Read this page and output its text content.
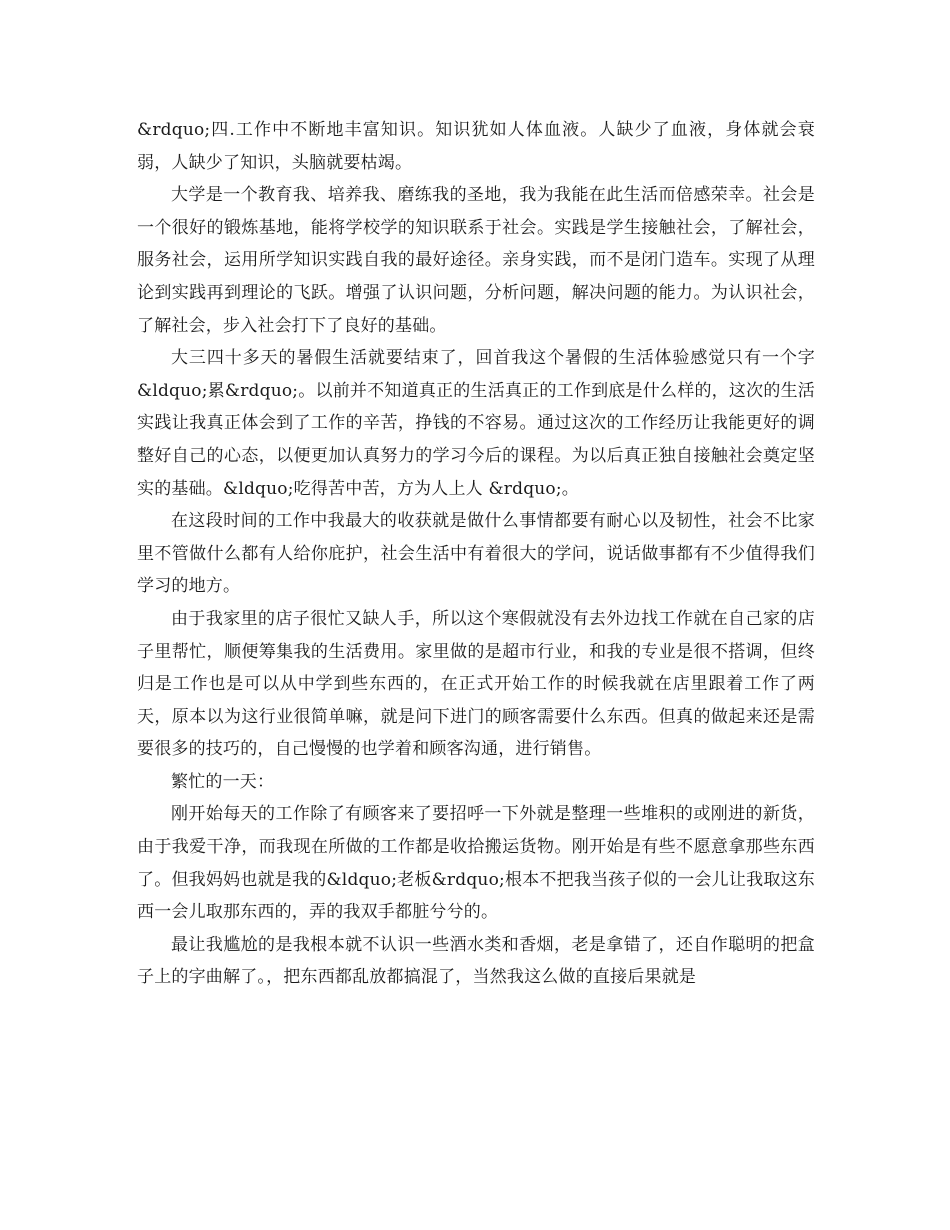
&rdquo;四.工作中不断地丰富知识。知识犹如人体血液。人缺少了血液，身体就会衰弱，人缺少了知识，头脑就要枯竭。

大学是一个教育我、培养我、磨练我的圣地，我为我能在此生活而倍感荣幸。社会是一个很好的锻炼基地，能将学校学的知识联系于社会。实践是学生接触社会，了解社会，服务社会，运用所学知识实践自我的最好途径。亲身实践，而不是闭门造车。实现了从理论到实践再到理论的飞跃。增强了认识问题，分析问题，解决问题的能力。为认识社会，了解社会，步入社会打下了良好的基础。

大三四十多天的暑假生活就要结束了，回首我这个暑假的生活体验感觉只有一个字&ldquo;累&rdquo;。以前并不知道真正的生活真正的工作到底是什么样的，这次的生活实践让我真正体会到了工作的辛苦，挣钱的不容易。通过这次的工作经历让我能更好的调整好自己的心态，以便更加认真努力的学习今后的课程。为以后真正独自接触社会奠定坚实的基础。&ldquo;吃得苦中苦，方为人上人 &rdquo;。

在这段时间的工作中我最大的收获就是做什么事情都要有耐心以及韧性，社会不比家里不管做什么都有人给你庇护，社会生活中有着很大的学问，说话做事都有不少值得我们学习的地方。

由于我家里的店子很忙又缺人手，所以这个寒假就没有去外边找工作就在自己家的店子里帮忙，顺便筹集我的生活费用。家里做的是超市行业，和我的专业是很不搭调，但终归是工作也是可以从中学到些东西的，在正式开始工作的时候我就在店里跟着工作了两天，原本以为这行业很简单嘛，就是问下进门的顾客需要什么东西。但真的做起来还是需要很多的技巧的，自己慢慢的也学着和顾客沟通，进行销售。

繁忙的一天：

刚开始每天的工作除了有顾客来了要招呼一下外就是整理一些堆积的或刚进的新货，由于我爱干净，而我现在所做的工作都是收拾搬运货物。刚开始是有些不愿意拿那些东西了。但我妈妈也就是我的&ldquo;老板&rdquo;根本不把我当孩子似的一会儿让我取这东西一会儿取那东西的，弄的我双手都脏兮兮的。

最让我尴尬的是我根本就不认识一些酒水类和香烟，老是拿错了，还自作聪明的把盒子上的字曲解了。，把东西都乱放都搞混了，当然我这么做的直接后果就是
